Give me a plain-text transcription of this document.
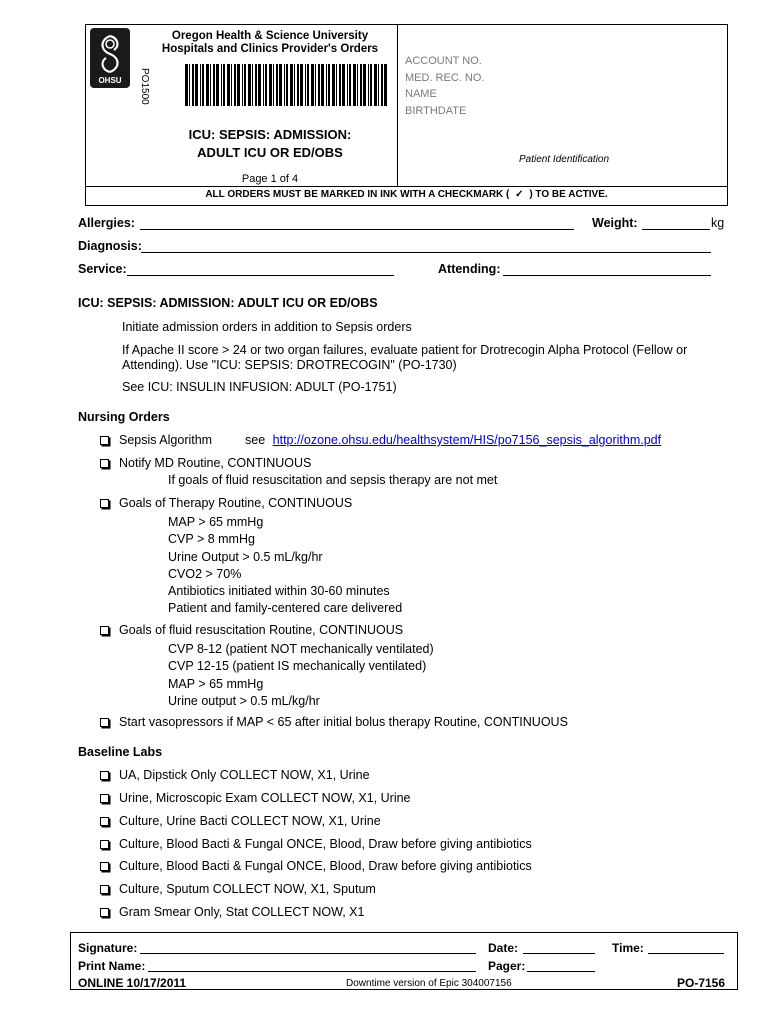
OHSU	PO1500
Oregon Health & Science University
Hospitals and Clinics Provider's Orders
ICU: SEPSIS: ADMISSION:
ADULT ICU OR ED/OBS
Page 1 of 4
ACCOUNT NO.
MED. REC. NO.
NAME
BIRTHDATE
Patient Identification
ALL ORDERS MUST BE MARKED IN INK WITH A CHECKMARK ( ✓ ) TO BE ACTIVE.
Allergies:	Weight:	kg
Diagnosis:
Service:	Attending:
ICU: SEPSIS: ADMISSION: ADULT ICU OR ED/OBS
Initiate admission orders in addition to Sepsis orders
If Apache II score > 24 or two organ failures, evaluate patient for Drotrecogin Alpha Protocol (Fellow or
Attending). Use "ICU: SEPSIS: DROTRECOGIN" (PO-1730)
See ICU: INSULIN INFUSION: ADULT (PO-1751)
Nursing Orders
Sepsis Algorithm	see http://ozone.ohsu.edu/healthsystem/HIS/po7156_sepsis_algorithm.pdf
Notify MD Routine, CONTINUOUS
If goals of fluid resuscitation and sepsis therapy are not met
Goals of Therapy Routine, CONTINUOUS
MAP > 65 mmHg
CVP > 8 mmHg
Urine Output > 0.5 mL/kg/hr
CVO2 > 70%
Antibiotics initiated within 30-60 minutes
Patient and family-centered care delivered
Goals of fluid resuscitation Routine, CONTINUOUS
CVP 8-12 (patient NOT mechanically ventilated)
CVP 12-15 (patient IS mechanically ventilated)
MAP > 65 mmHg
Urine output > 0.5 mL/kg/hr
Start vasopressors if MAP < 65 after initial bolus therapy Routine, CONTINUOUS
Baseline Labs
UA, Dipstick Only COLLECT NOW, X1, Urine
Urine, Microscopic Exam COLLECT NOW, X1, Urine
Culture, Urine Bacti COLLECT NOW, X1, Urine
Culture, Blood Bacti & Fungal ONCE, Blood, Draw before giving antibiotics
Culture, Blood Bacti & Fungal ONCE, Blood, Draw before giving antibiotics
Culture, Sputum COLLECT NOW, X1, Sputum
Gram Smear Only, Stat COLLECT NOW, X1
Signature:	Date:	Time:
Print Name:	Pager:
ONLINE 10/17/2011	Downtime version of Epic 304007156	PO-7156
